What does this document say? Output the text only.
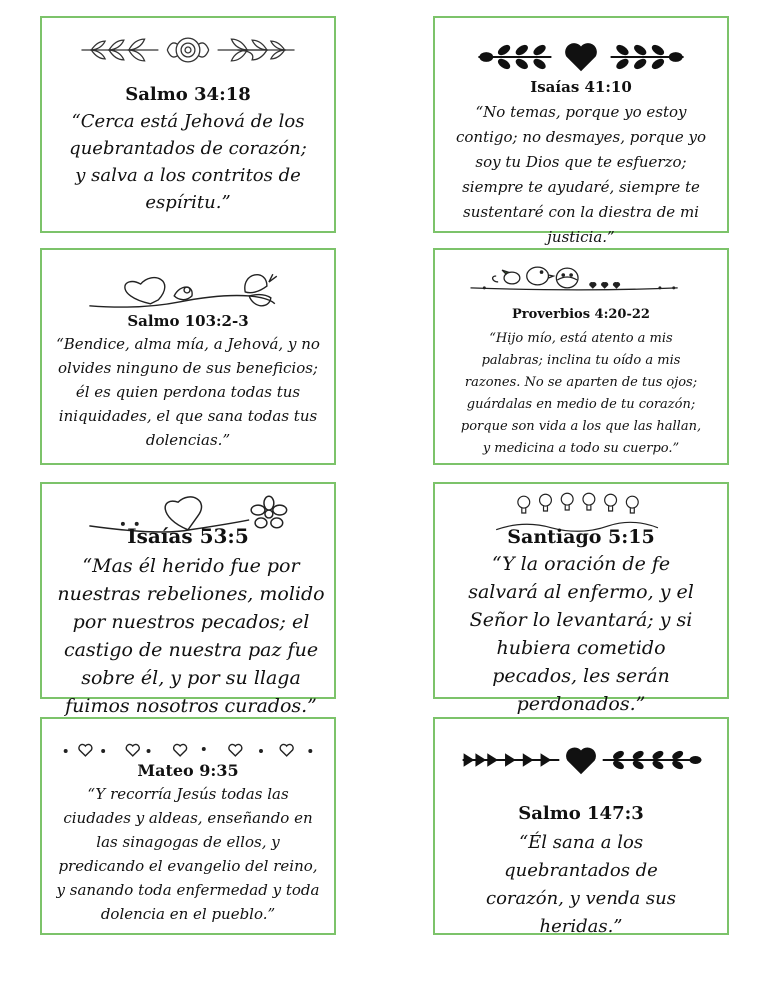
Salmo 34:18
“Cerca está Jehová de los quebrantados de corazón; y salva a los contritos de espíritu.”
Isaías 41:10
“No temas, porque yo estoy contigo; no desmayes, porque yo soy tu Dios que te esfuerzo; siempre te ayudaré, siempre te sustentaré con la diestra de mi justicia.”
Salmo 103:2-3
“Bendice, alma mía, a Jehová, y no olvides ninguno de sus beneficios; él es quien perdona todas tus iniquidades, el que sana todas tus dolencias.”
Proverbios 4:20-22
“Hijo mío, está atento a mis palabras; inclina tu oído a mis razones. No se aparten de tus ojos; guárdalas en medio de tu corazón; porque son vida a los que las hallan, y medicina a todo su cuerpo.”
Isaías 53:5
“Mas él herido fue por nuestras rebeliones, molido por nuestros pecados; el castigo de nuestra paz fue sobre él, y por su llaga fuimos nosotros curados.”
Santiago 5:15
“Y la oración de fe salvará al enfermo, y el Señor lo levantará; y si hubiera cometido pecados, les serán perdonados.”
Mateo 9:35
“Y recorría Jesús todas las ciudades y aldeas, enseñando en las sinagogas de ellos, y predicando el evangelio del reino, y sanando toda enfermedad y toda dolencia en el pueblo.”
Salmo 147:3
“Él sana a los quebrantados de corazón, y venda sus heridas.”
